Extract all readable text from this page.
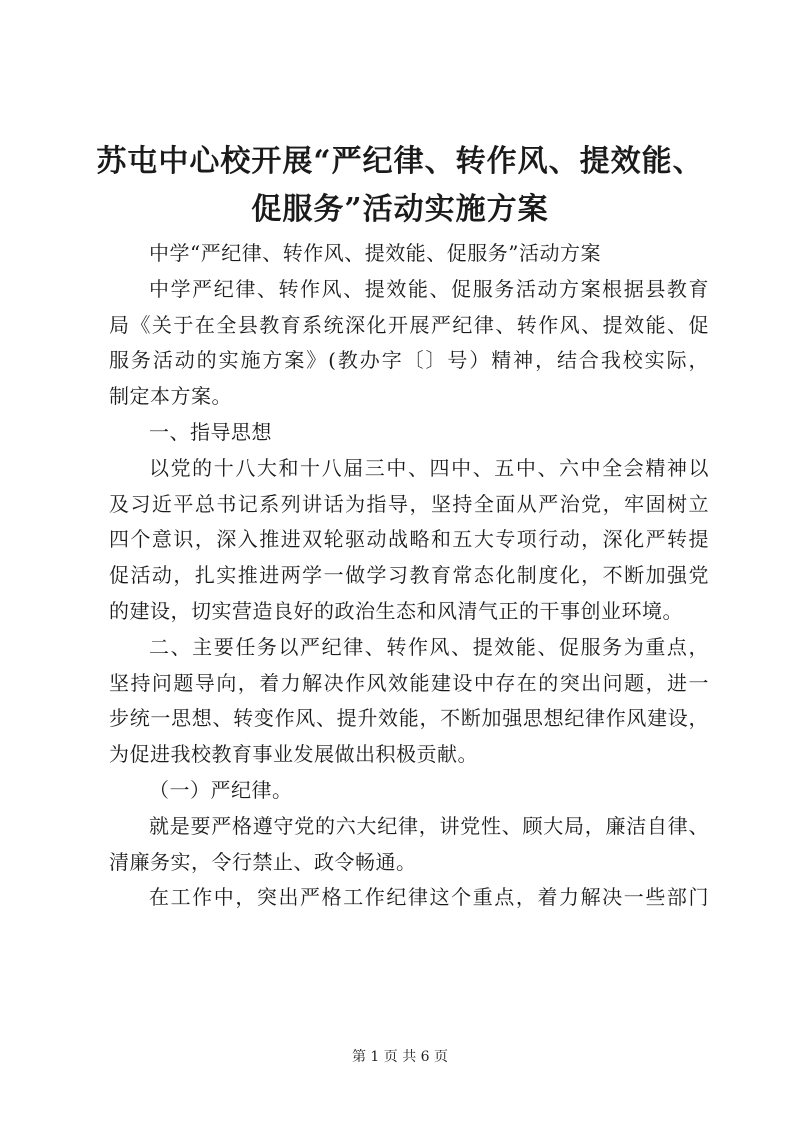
苏屯中心校开展“严纪律、转作风、提效能、
促服务”活动实施方案
中学“严纪律、转作风、提效能、促服务”活动方案
中学严纪律、转作风、提效能、促服务活动方案根据县教育
局《关于在全县教育系统深化开展严纪律、转作风、提效能、促
服务活动的实施方案》(教办字〔〕号）精神，结合我校实际，
制定本方案。
一、指导思想
以党的十八大和十八届三中、四中、五中、六中全会精神以
及习近平总书记系列讲话为指导，坚持全面从严治党，牢固树立
四个意识，深入推进双轮驱动战略和五大专项行动，深化严转提
促活动，扎实推进两学一做学习教育常态化制度化，不断加强党
的建设，切实营造良好的政治生态和风清气正的干事创业环境。
二、主要任务以严纪律、转作风、提效能、促服务为重点，
坚持问题导向，着力解决作风效能建设中存在的突出问题，进一
步统一思想、转变作风、提升效能，不断加强思想纪律作风建设，
为促进我校教育事业发展做出积极贡献。
（一）严纪律。
就是要严格遵守党的六大纪律，讲党性、顾大局，廉洁自律、
清廉务实，令行禁止、政令畅通。
在工作中，突出严格工作纪律这个重点，着力解决一些部门
第 1 页 共 6 页
